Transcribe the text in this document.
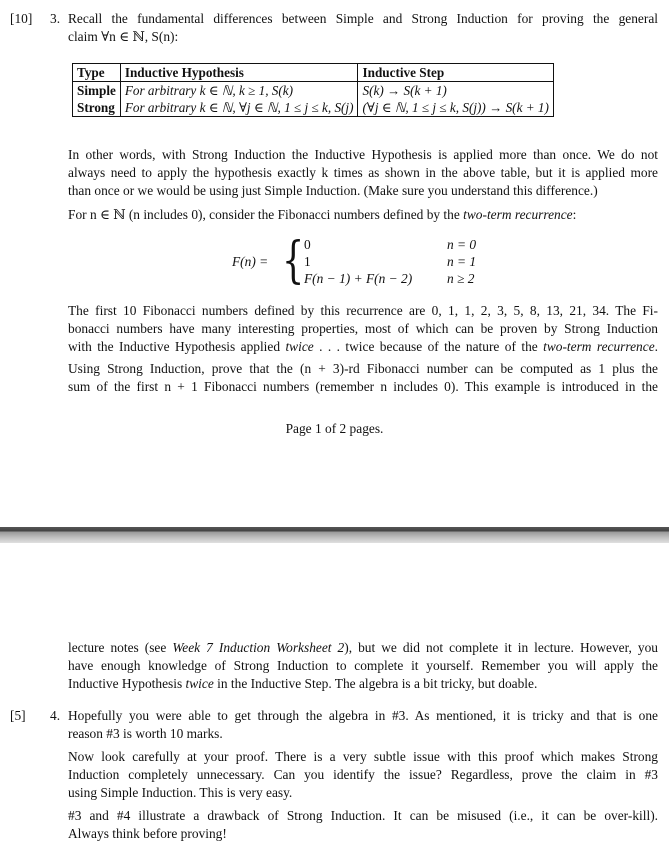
[10] 3. Recall the fundamental differences between Simple and Strong Induction for proving the general
claim ∀n ∈ ℕ, S(n):
Type	Inductive Hypothesis	Inductive Step
Simple	For arbitrary k ∈ ℕ, k ≥ 1, S(k)	S(k) → S(k + 1)
Strong	For arbitrary k ∈ ℕ, ∀j ∈ ℕ, 1 ≤ j ≤ k, S(j)	(∀j ∈ ℕ, 1 ≤ j ≤ k, S(j)) → S(k + 1)
In other words, with Strong Induction the Inductive Hypothesis is applied more than once. We do not
always need to apply the hypothesis exactly k times as shown in the above table, but it is applied more
than once or we would be using just Simple Induction. (Make sure you understand this difference.)
For n ∈ ℕ (n includes 0), consider the Fibonacci numbers defined by the two-term recurrence:
F(n) = { 0	n = 0
1	n = 1
F(n − 1) + F(n − 2)	n ≥ 2
The first 10 Fibonacci numbers defined by this recurrence are 0, 1, 1, 2, 3, 5, 8, 13, 21, 34. The Fi-
bonacci numbers have many interesting properties, most of which can be proven by Strong Induction
with the Inductive Hypothesis applied twice . . . twice because of the nature of the two-term recurrence.
Using Strong Induction, prove that the (n + 3)-rd Fibonacci number can be computed as 1 plus the
sum of the first n + 1 Fibonacci numbers (remember n includes 0). This example is introduced in the
Page 1 of 2 pages.
lecture notes (see Week 7 Induction Worksheet 2), but we did not complete it in lecture. However, you
have enough knowledge of Strong Induction to complete it yourself. Remember you will apply the
Inductive Hypothesis twice in the Inductive Step. The algebra is a bit tricky, but doable.
[5] 4. Hopefully you were able to get through the algebra in #3. As mentioned, it is tricky and that is one
reason #3 is worth 10 marks.
Now look carefully at your proof. There is a very subtle issue with this proof which makes Strong
Induction completely unnecessary. Can you identify the issue? Regardless, prove the claim in #3
using Simple Induction. This is very easy.
#3 and #4 illustrate a drawback of Strong Induction. It can be misused (i.e., it can be over-kill).
Always think before proving!
